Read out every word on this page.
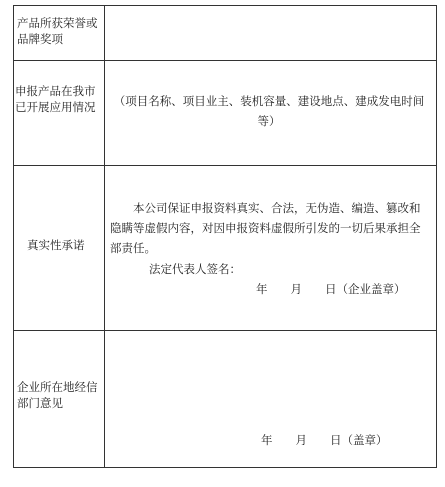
产品所获荣誉或品牌奖项
申报产品在我市已开展应用情况	（项目名称、项目业主、装机容量、建设地点、建成发电时间等）
真实性承诺
本公司保证申报资料真实、合法，无伪造、编造、篡改和隐瞒等虚假内容，对因申报资料虚假所引发的一切后果承担全部责任。
法定代表人签名：
年　　月　　日（企业盖章）
企业所在地经信部门意见
年　　月　　日（盖章）
